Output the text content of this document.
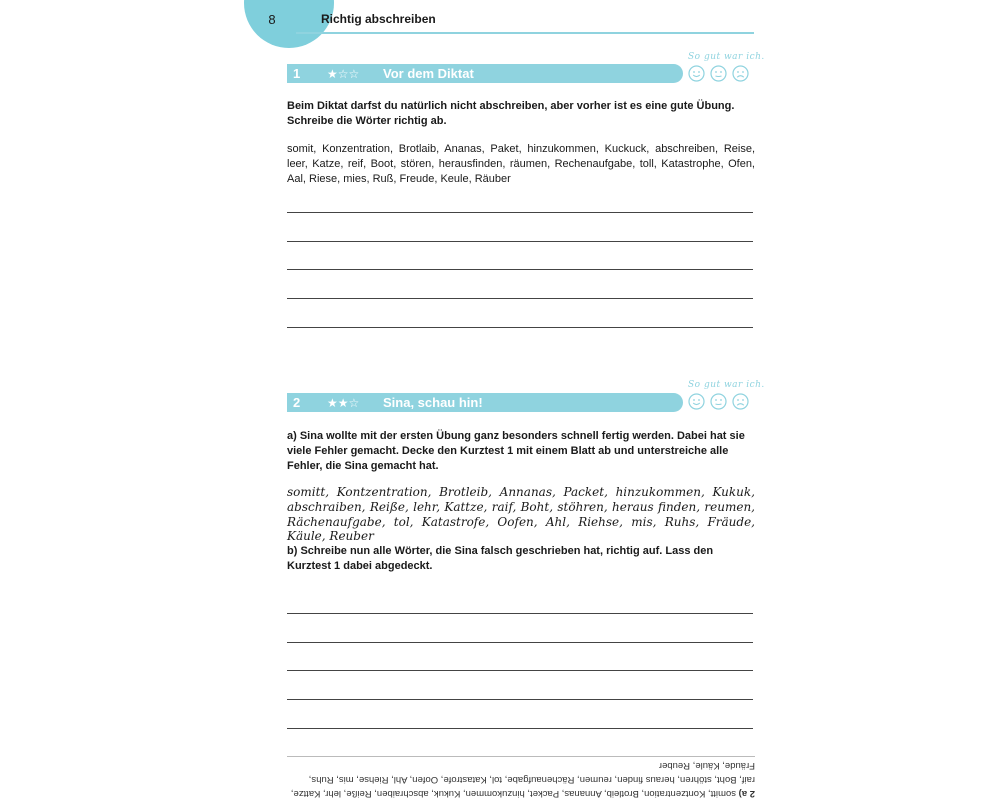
8	Richtig abschreiben
So gut war ich.
1	★☆☆	Vor dem Diktat
Beim Diktat darfst du natürlich nicht abschreiben, aber vorher ist es eine gute Übung. Schreibe die Wörter richtig ab.
somit, Konzentration, Brotlaib, Ananas, Paket, hinzukommen, Kuckuck, abschreiben, Reise, leer, Katze, reif, Boot, stören, herausfinden, räumen, Rechenaufgabe, toll, Katastrophe, Ofen, Aal, Riese, mies, Ruß, Freude, Keule, Räuber
So gut war ich.
2	★★☆	Sina, schau hin!
a) Sina wollte mit der ersten Übung ganz besonders schnell fertig werden. Dabei hat sie viele Fehler gemacht. Decke den Kurztest 1 mit einem Blatt ab und unterstreiche alle Fehler, die Sina gemacht hat.
somitt, Kontzentration, Brotleib, Annanas, Packet, hinzukommen, Kukuk, abschraiben, Reiße, lehr, Kattze, raif, Boht, stöhren, heraus finden, reumen, Rächenaufgabe, tol, Katastrofe, Oofen, Ahl, Riehse, mis, Ruhs, Fräude, Käule, Reuber
b) Schreibe nun alle Wörter, die Sina falsch geschrieben hat, richtig auf. Lass den Kurztest 1 dabei abgedeckt.
2 a) somitt, Kontzentration, Brotleib, Annanas, Packet, hinzukommen, Kukuk, abschraiben, Reiße, lehr, Kattze, raif, Boht, stöhren, heraus finden, reumen, Rächenaufgabe, tol, Katastrofe, Oofen, Ahl, Riehse, mis, Ruhs, Fräude, Käule, Reuber
